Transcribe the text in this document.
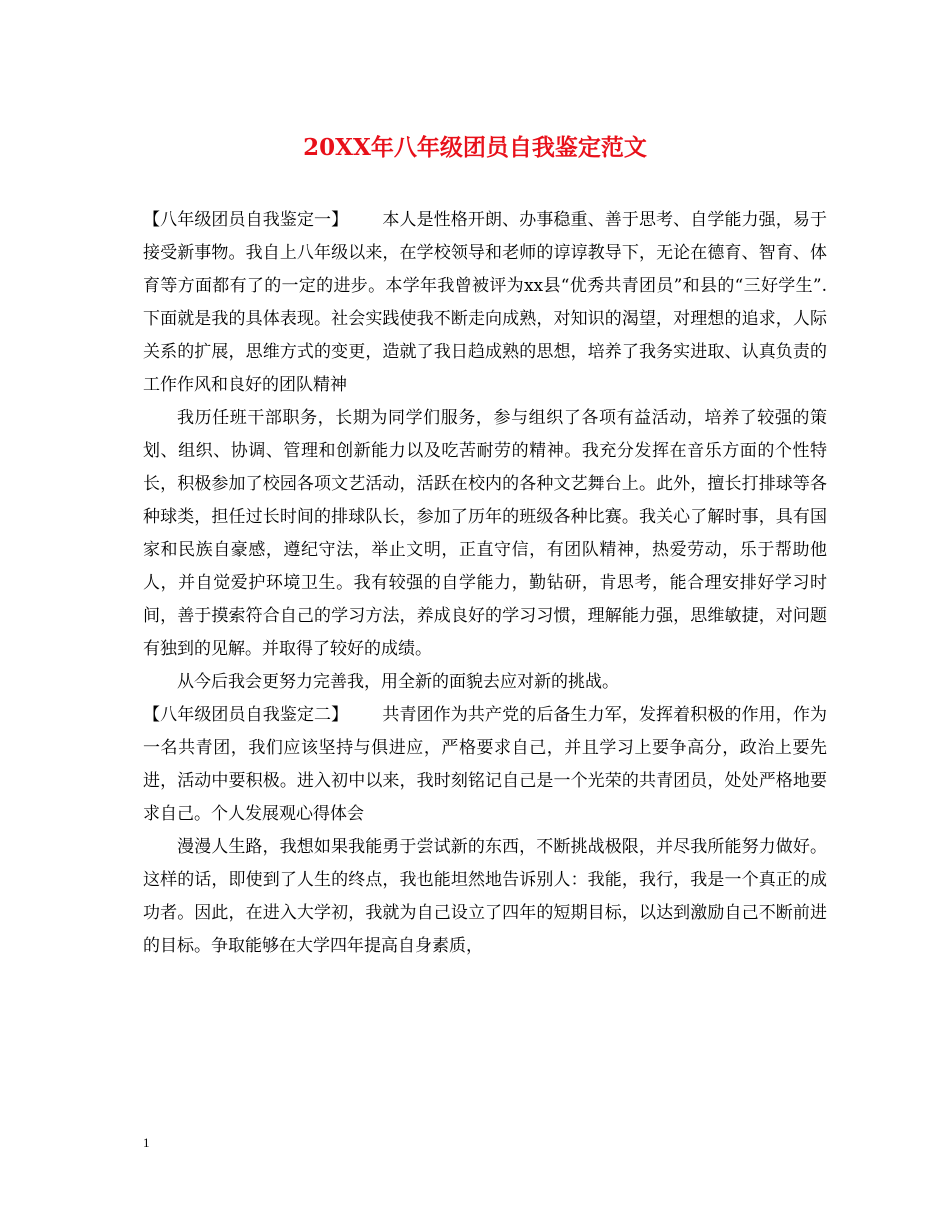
20XX年八年级团员自我鉴定范文

【八年级团员自我鉴定一】 本人是性格开朗、办事稳重、善于思考、自学能力强，易于接受新事物。我自上八年级以来，在学校领导和老师的谆谆教导下，无论在德育、智育、体育等方面都有了的一定的进步。本学年我曾被评为xx县“优秀共青团员”和县的“三好学生”.下面就是我的具体表现。社会实践使我不断走向成熟，对知识的渴望，对理想的追求，人际关系的扩展，思维方式的变更，造就了我日趋成熟的思想，培养了我务实进取、认真负责的工作作风和良好的团队精神

我历任班干部职务，长期为同学们服务，参与组织了各项有益活动，培养了较强的策划、组织、协调、管理和创新能力以及吃苦耐劳的精神。我充分发挥在音乐方面的个性特长，积极参加了校园各项文艺活动，活跃在校内的各种文艺舞台上。此外，擅长打排球等各种球类，担任过长时间的排球队长，参加了历年的班级各种比赛。我关心了解时事，具有国家和民族自豪感，遵纪守法，举止文明，正直守信，有团队精神，热爱劳动，乐于帮助他人，并自觉爱护环境卫生。我有较强的自学能力，勤钻研，肯思考，能合理安排好学习时间，善于摸索符合自己的学习方法，养成良好的学习习惯，理解能力强，思维敏捷，对问题有独到的见解。并取得了较好的成绩。

从今后我会更努力完善我，用全新的面貌去应对新的挑战。

【八年级团员自我鉴定二】 共青团作为共产党的后备生力军，发挥着积极的作用，作为一名共青团，我们应该坚持与俱进应，严格要求自己，并且学习上要争高分，政治上要先进，活动中要积极。进入初中以来，我时刻铭记自己是一个光荣的共青团员，处处严格地要求自己。个人发展观心得体会

漫漫人生路，我想如果我能勇于尝试新的东西，不断挑战极限，并尽我所能努力做好。这样的话，即使到了人生的终点，我也能坦然地告诉别人：我能，我行，我是一个真正的成功者。因此，在进入大学初，我就为自己设立了四年的短期目标，以达到激励自己不断前进的目标。争取能够在大学四年提高自身素质，

1
